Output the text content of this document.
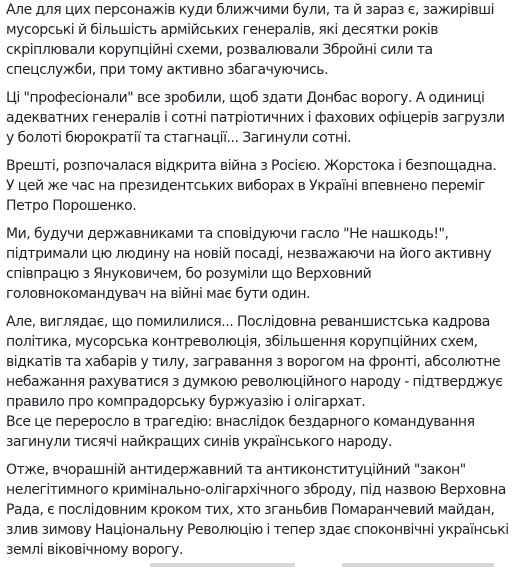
Але для цих персонажів куди ближчими були, та й зараз є, зажирівші
мусорські й більшість армійських генералів, які десятки років
скріплювали корупційні схеми, розвалювали Збройні сили та
спецслужби, при тому активно збагачуючись.

Ці "професіонали" все зробили, щоб здати Донбас ворогу. А одиниці
адекватних генералів і сотні патріотичних і фахових офіцерів загрузли
у болоті бюрократії та стагнації... Загинули сотні.

Врешті, розпочалася відкрита війна з Росією. Жорстока і безпощадна.
У цей же час на президентських виборах в Україні впевнено переміг
Петро Порошенко.

Ми, будучи державниками та сповідуючи гасло "Не нашкодь!",
підтримали цю людину на новій посаді, незважаючи на його активну
співпрацю з Януковичем, бо розуміли що Верховний
головнокомандувач на війні має бути один.

Але, виглядає, що помилилися... Послідовна реваншистська кадрова
політика, мусорська контреволюція, збільшення корупційних схем,
відкатів та хабарів у тилу, загравання з ворогом на фронті, абсолютне
небажання рахуватися з думкою революційного народу - підтверджує
правило про компрадорську буржуазію і олігархат.
Все це переросло в трагедію: внаслідок бездарного командування
загинули тисячі найкращих синів українського народу.

Отже, вчорашній антидержавний та антиконституційний "закон"
нелегітимного кримінально-олігархічного зброду, під назвою Верховна
Рада, є послідовним кроком тих, хто зганьбив Помаранчевий майдан,
злив зимову Національну Революцію і тепер здає споконвічні українські
землі віковічному ворогу.
